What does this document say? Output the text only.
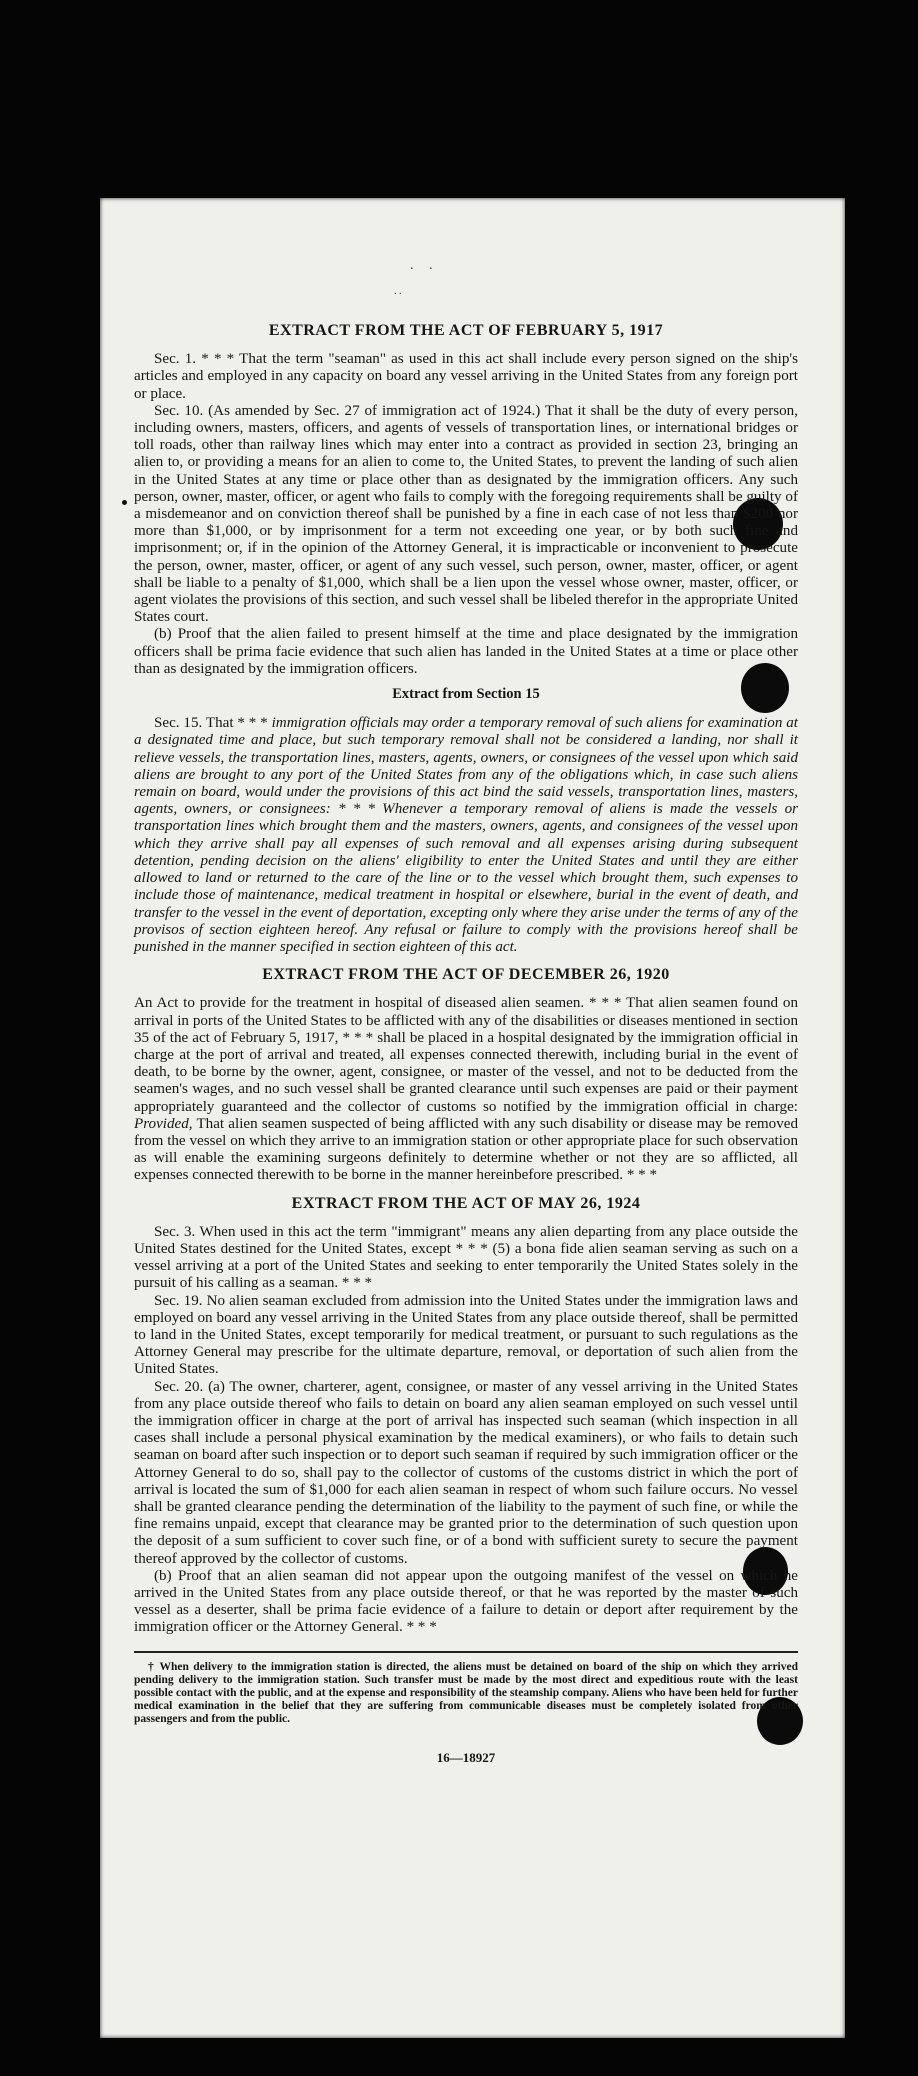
. .
. .
EXTRACT FROM THE ACT OF FEBRUARY 5, 1917

Sec. 1. * * * That the term "seaman" as used in this act shall include every person signed on the ship's articles and employed in any capacity on board any vessel arriving in the United States from any foreign port or place.

Sec. 10. (As amended by Sec. 27 of immigration act of 1924.) That it shall be the duty of every person, including owners, masters, officers, and agents of vessels of transportation lines, or international bridges or toll roads, other than railway lines which may enter into a contract as provided in section 23, bringing an alien to, or providing a means for an alien to come to, the United States, to prevent the landing of such alien in the United States at any time or place other than as designated by the immigration officers. Any such person, owner, master, officer, or agent who fails to comply with the foregoing requirements shall be guilty of a misdemeanor and on conviction thereof shall be punished by a fine in each case of not less than $200 nor more than $1,000, or by imprisonment for a term not exceeding one year, or by both such fine and imprisonment; or, if in the opinion of the Attorney General, it is impracticable or inconvenient to prosecute the person, owner, master, officer, or agent of any such vessel, such person, owner, master, officer, or agent shall be liable to a penalty of $1,000, which shall be a lien upon the vessel whose owner, master, officer, or agent violates the provisions of this section, and such vessel shall be libeled therefor in the appropriate United States court.

(b) Proof that the alien failed to present himself at the time and place designated by the immigration officers shall be prima facie evidence that such alien has landed in the United States at a time or place other than as designated by the immigration officers.

Extract from Section 15

Sec. 15. That * * * immigration officials may order a temporary removal of such aliens for examination at a designated time and place, but such temporary removal shall not be considered a landing, nor shall it relieve vessels, the transportation lines, masters, agents, owners, or consignees of the vessel upon which said aliens are brought to any port of the United States from any of the obligations which, in case such aliens remain on board, would under the provisions of this act bind the said vessels, transportation lines, masters, agents, owners, or consignees: * * * Whenever a temporary removal of aliens is made the vessels or transportation lines which brought them and the masters, owners, agents, and consignees of the vessel upon which they arrive shall pay all expenses of such removal and all expenses arising during subsequent detention, pending decision on the aliens' eligibility to enter the United States and until they are either allowed to land or returned to the care of the line or to the vessel which brought them, such expenses to include those of maintenance, medical treatment in hospital or elsewhere, burial in the event of death, and transfer to the vessel in the event of deportation, excepting only where they arise under the terms of any of the provisos of section eighteen hereof. Any refusal or failure to comply with the provisions hereof shall be punished in the manner specified in section eighteen of this act.

EXTRACT FROM THE ACT OF DECEMBER 26, 1920

An Act to provide for the treatment in hospital of diseased alien seamen. * * * That alien seamen found on arrival in ports of the United States to be afflicted with any of the disabilities or diseases mentioned in section 35 of the act of February 5, 1917, * * * shall be placed in a hospital designated by the immigration official in charge at the port of arrival and treated, all expenses connected therewith, including burial in the event of death, to be borne by the owner, agent, consignee, or master of the vessel, and not to be deducted from the seamen's wages, and no such vessel shall be granted clearance until such expenses are paid or their payment appropriately guaranteed and the collector of customs so notified by the immigration official in charge: Provided, That alien seamen suspected of being afflicted with any such disability or disease may be removed from the vessel on which they arrive to an immigration station or other appropriate place for such observation as will enable the examining surgeons definitely to determine whether or not they are so afflicted, all expenses connected therewith to be borne in the manner hereinbefore prescribed. * * *

EXTRACT FROM THE ACT OF MAY 26, 1924

Sec. 3. When used in this act the term "immigrant" means any alien departing from any place outside the United States destined for the United States, except * * * (5) a bona fide alien seaman serving as such on a vessel arriving at a port of the United States and seeking to enter temporarily the United States solely in the pursuit of his calling as a seaman. * * *

Sec. 19. No alien seaman excluded from admission into the United States under the immigration laws and employed on board any vessel arriving in the United States from any place outside thereof, shall be permitted to land in the United States, except temporarily for medical treatment, or pursuant to such regulations as the Attorney General may prescribe for the ultimate departure, removal, or deportation of such alien from the United States.

Sec. 20. (a) The owner, charterer, agent, consignee, or master of any vessel arriving in the United States from any place outside thereof who fails to detain on board any alien seaman employed on such vessel until the immigration officer in charge at the port of arrival has inspected such seaman (which inspection in all cases shall include a personal physical examination by the medical examiners), or who fails to detain such seaman on board after such inspection or to deport such seaman if required by such immigration officer or the Attorney General to do so, shall pay to the collector of customs of the customs district in which the port of arrival is located the sum of $1,000 for each alien seaman in respect of whom such failure occurs. No vessel shall be granted clearance pending the determination of the liability to the payment of such fine, or while the fine remains unpaid, except that clearance may be granted prior to the determination of such question upon the deposit of a sum sufficient to cover such fine, or of a bond with sufficient surety to secure the payment thereof approved by the collector of customs.

(b) Proof that an alien seaman did not appear upon the outgoing manifest of the vessel on which he arrived in the United States from any place outside thereof, or that he was reported by the master of such vessel as a deserter, shall be prima facie evidence of a failure to detain or deport after requirement by the immigration officer or the Attorney General. * * *

† When delivery to the immigration station is directed, the aliens must be detained on board of the ship on which they arrived pending delivery to the immigration station. Such transfer must be made by the most direct and expeditious route with the least possible contact with the public, and at the expense and responsibility of the steamship company. Aliens who have been held for further medical examination in the belief that they are suffering from communicable diseases must be completely isolated from other passengers and from the public.

16—18927
